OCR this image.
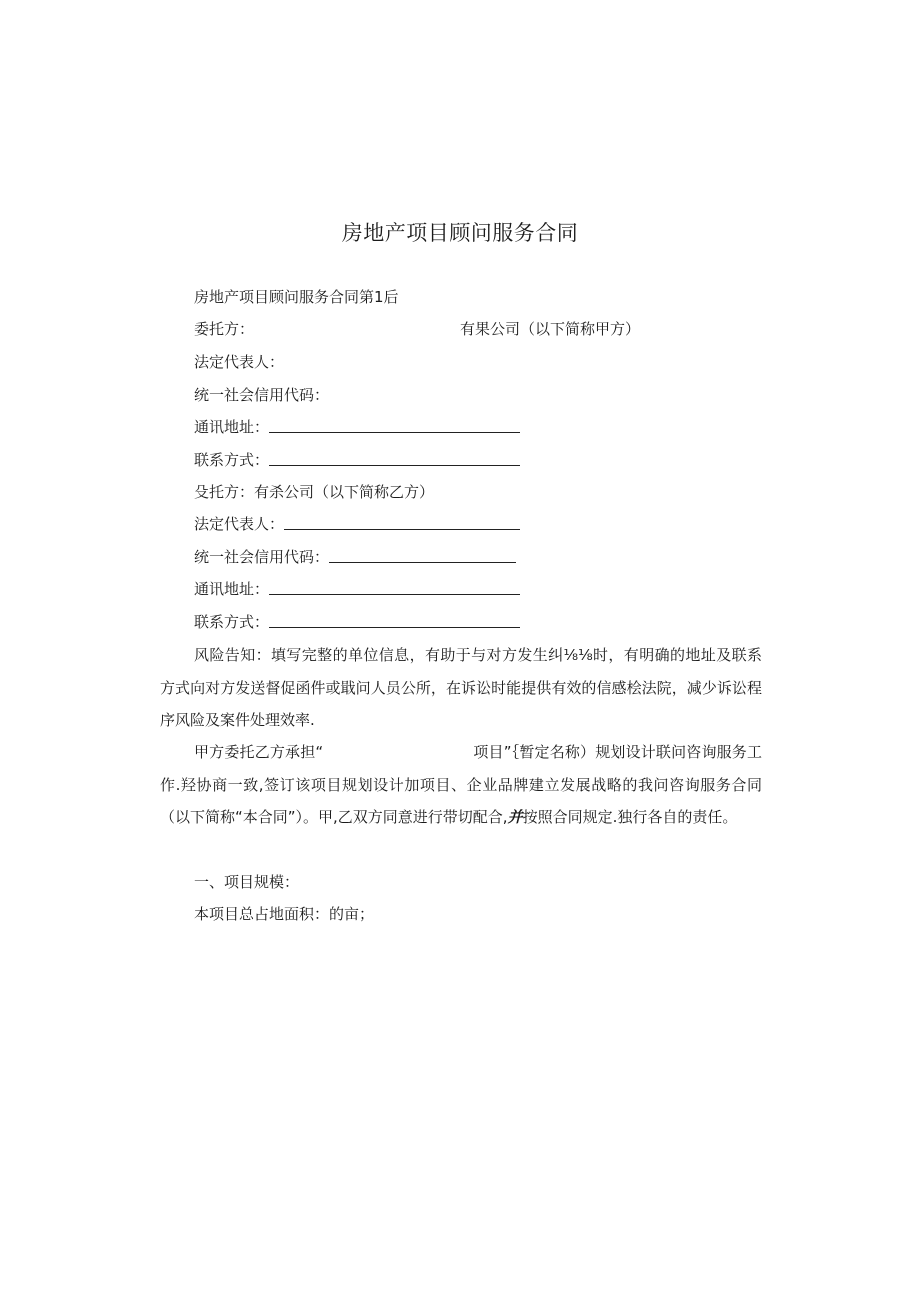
房地产项目顾问服务合同
房地产项目顾问服务合同第1后
委托方：	有果公司（以下简称甲方）
法定代表人：
统一社会信用代码：
通讯地址：
联系方式：
殳托方：有杀公司（以下简称乙方）
法定代表人：
统一社会信用代码：
通讯地址：
联系方式：
风险告知：填写完整的单位信息，有助于与对方发生纠⅛⅛时，有明确的地址及联系方式向对方发送督促函件或戢问人员公所，在诉讼时能提供有效的信感桧法院，减少诉讼程序风险及案件处理效率.
甲方委托乙方承担“	项目”｛暂定名称）规划设计联问咨询服务工作.羟协商一致,签订该项目规划设计加项目、企业品牌建立发展战略的我问咨询服务合同（以下简称“本合同”）。甲,乙双方同意进行带切配合,并按照合同规定.独行各自的责任。
一、项目规模：
本项目总占地面积：的亩；
